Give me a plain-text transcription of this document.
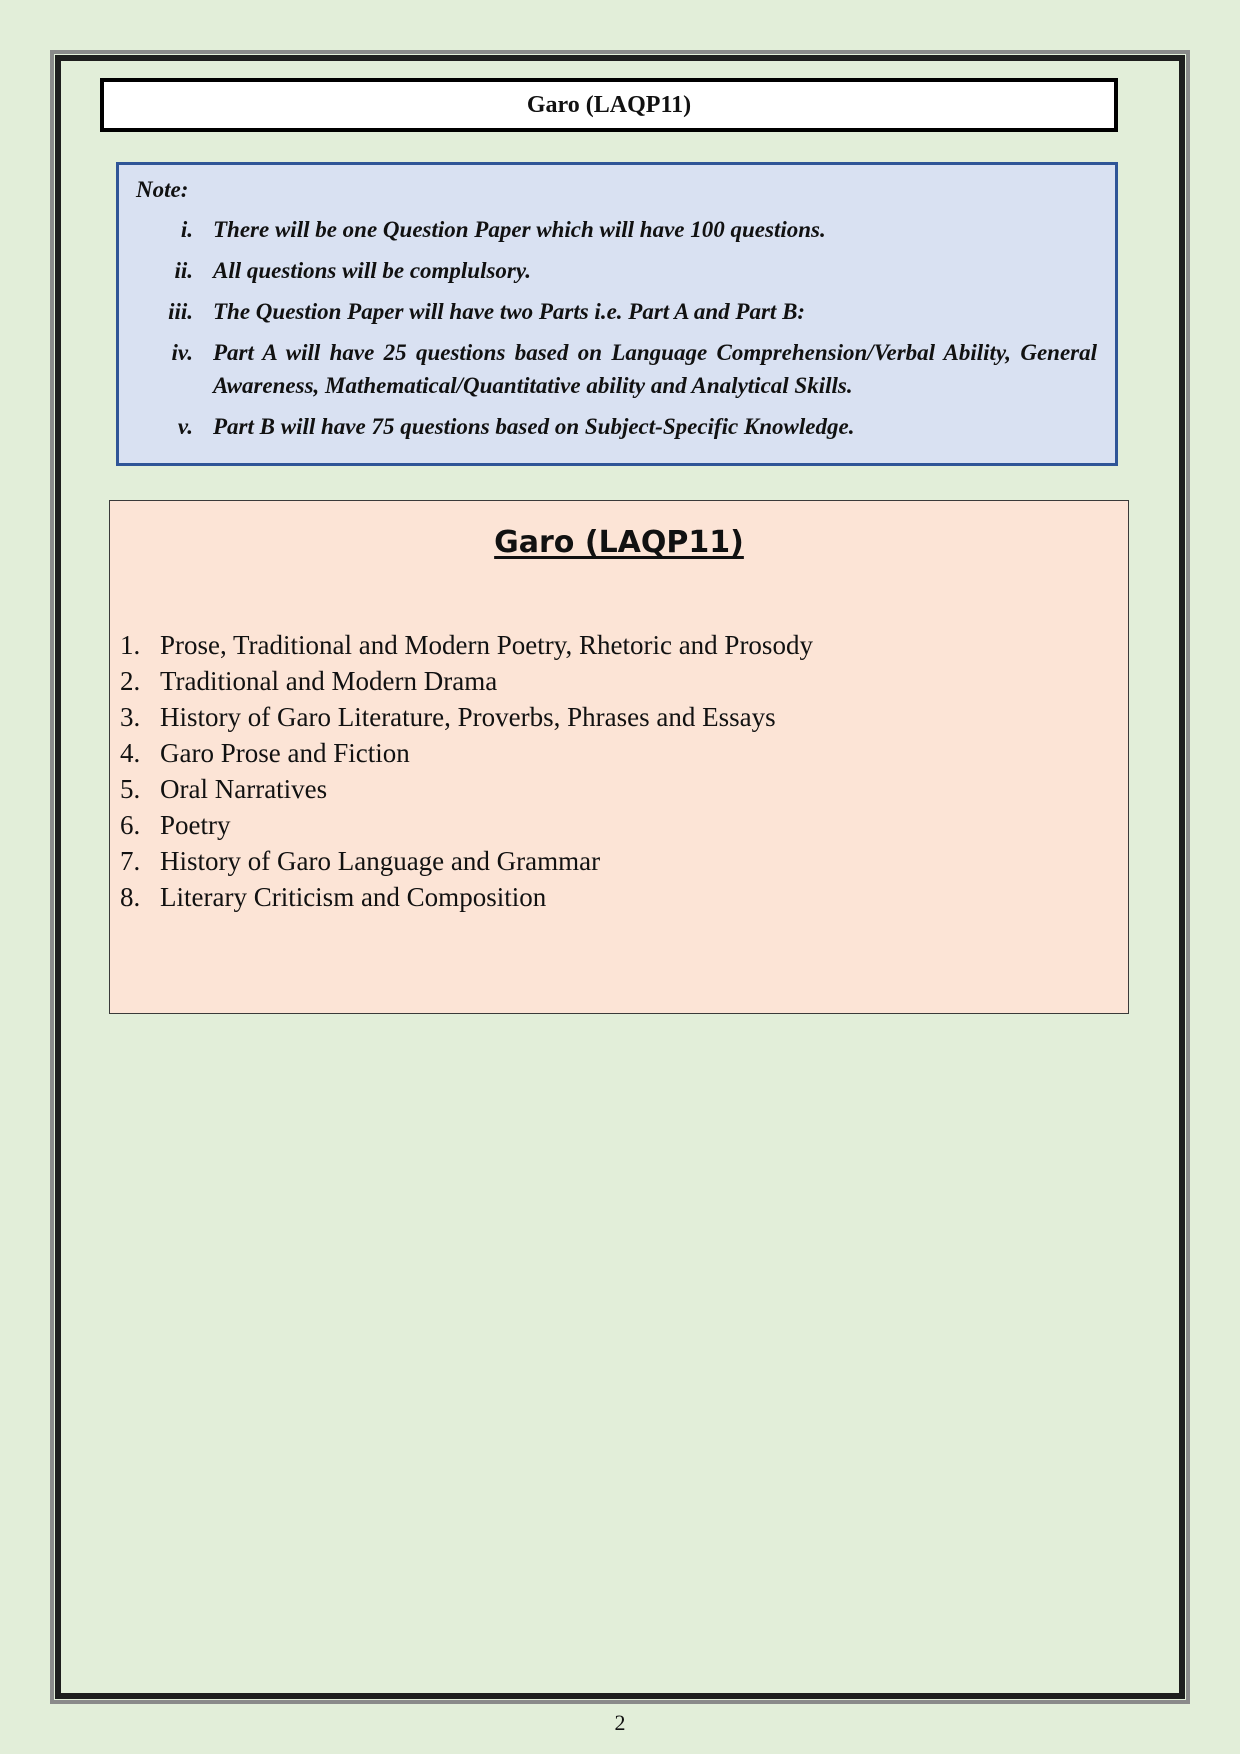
Garo (LAQP11)
Note:
i. There will be one Question Paper which will have 100 questions.
ii. All questions will be complulsory.
iii. The Question Paper will have two Parts i.e. Part A and Part B:
iv. Part A will have 25 questions based on Language Comprehension/Verbal Ability, General Awareness, Mathematical/Quantitative ability and Analytical Skills.
v. Part B will have 75 questions based on Subject-Specific Knowledge.
Garo (LAQP11)
1. Prose, Traditional and Modern Poetry, Rhetoric and Prosody
2. Traditional and Modern Drama
3. History of Garo Literature, Proverbs, Phrases and Essays
4. Garo Prose and Fiction
5. Oral Narratives
6. Poetry
7. History of Garo Language and Grammar
8. Literary Criticism and Composition
2
